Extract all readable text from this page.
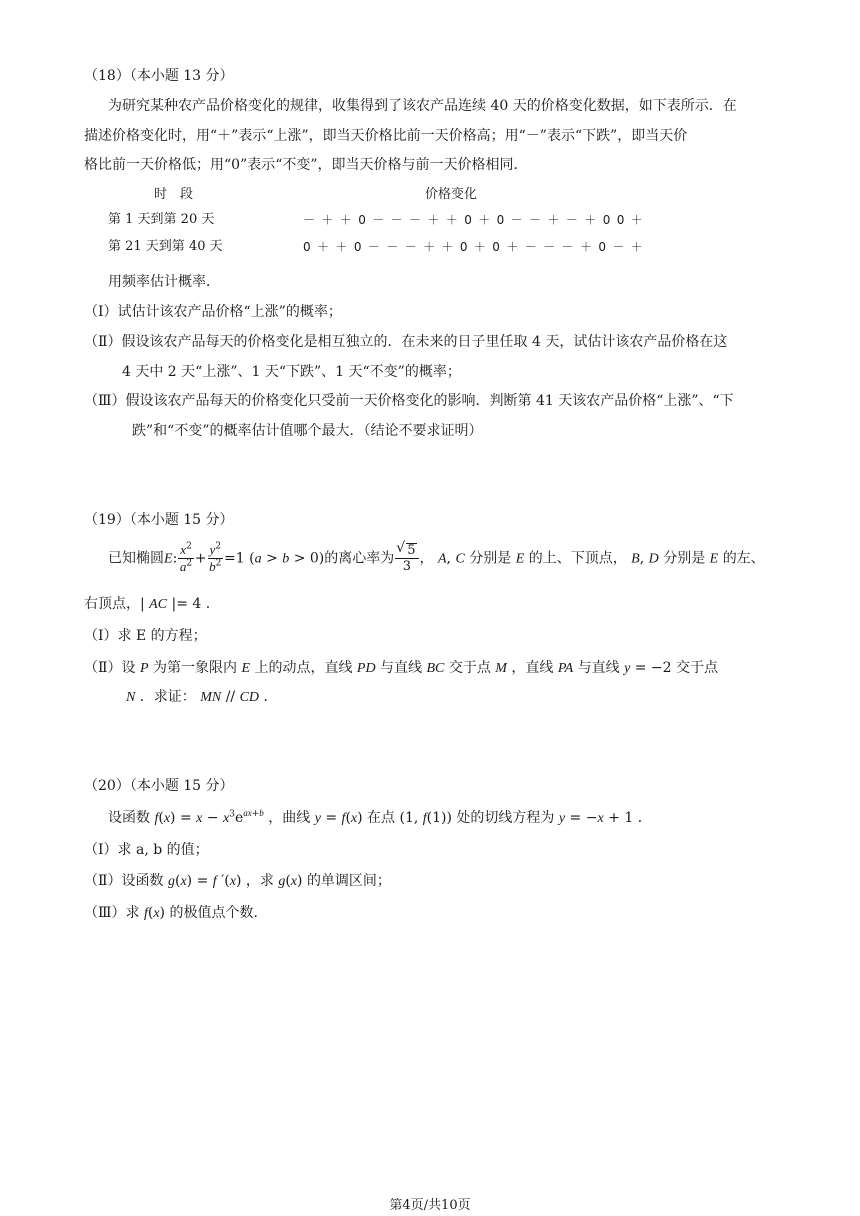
（18）（本小题 13 分）
为研究某种农产品价格变化的规律，收集得到了该农产品连续 40 天的价格变化数据，如下表所示．在
描述价格变化时，用“＋”表示“上涨”，即当天价格比前一天价格高；用“－”表示“下跌”，即当天价
格比前一天价格低；用“0”表示“不变”，即当天价格与前一天价格相同．
时　段	价格变化
第 1 天到第 20 天	－＋＋0－－－＋＋0＋0－－＋－＋00＋
第 21 天到第 40 天	0＋＋0－－－＋＋0＋0＋－－－＋0－＋
用频率估计概率．
（Ⅰ）试估计该农产品价格“上涨”的概率；
（Ⅱ）假设该农产品每天的价格变化是相互独立的．在未来的日子里任取 4 天，试估计该农产品价格在这
4 天中 2 天“上涨”、1 天“下跌”、1 天“不变”的概率；
（Ⅲ）假设该农产品每天的价格变化只受前一天价格变化的影响．判断第 41 天该农产品价格“上涨”、“下
跌”和“不变”的概率估计值哪个最大．（结论不要求证明）
（19）（本小题 15 分）
已知椭圆E: $\frac{x^2}{a^2} + \frac{y^2}{b^2} =1$ (a > b > 0)的离心率为
√ $\frac{5}{3}$ ， A, C 分别是 E 的上、下顶点， B, D 分别是 E 的左、
右顶点，| AC |= 4 .
（Ⅰ）求 E 的方程；
（Ⅱ）设 P 为第一象限内 E 上的动点，直线 PD 与直线 BC 交于点 M ，直线 PA 与直线 y = −2 交于点
N ．求证： MN // CD ．
（20）（本小题 15 分）
设函数 $f(x) = x - x^3e^{ax+b}$ ，曲线 y = f(x) 在点 (1, f(1)) 处的切线方程为 y = −x + 1 ．
（Ⅰ）求 a, b 的值；
（Ⅱ）设函数 g(x) = f ′(x) ，求 g(x) 的单调区间；
（Ⅲ）求 f(x) 的极值点个数．
第4页/共10页
